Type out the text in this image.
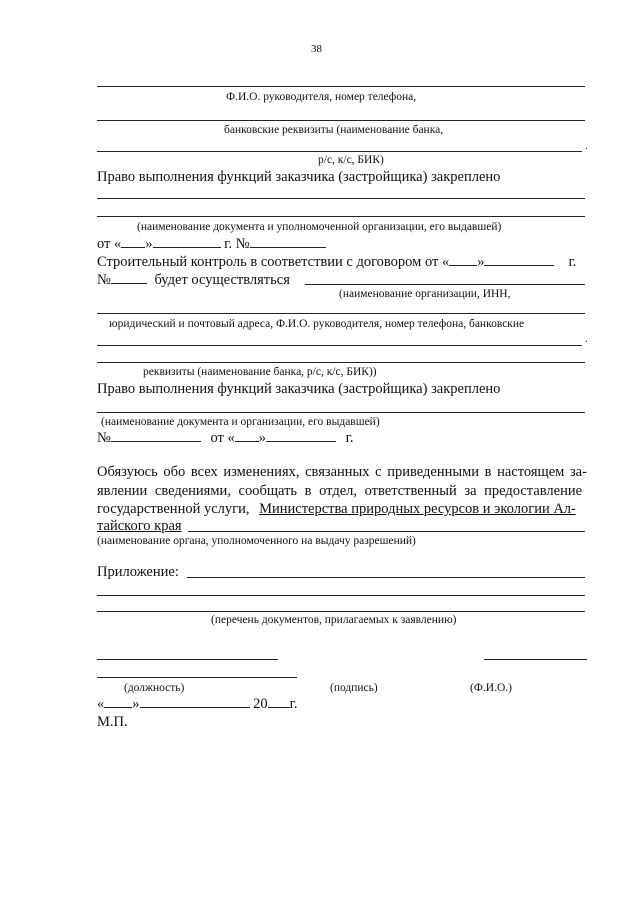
38
Ф.И.О. руководителя, номер телефона,
банковские реквизиты (наименование банка,
.
р/с, к/с, БИК)
Право выполнения функций заказчика (застройщика) закреплено
(наименование документа и уполномоченной организации, его выдавшей)
от « »	г. №
Строительный контроль в соответствии с договором от « »	г.
№	будет осуществляться
(наименование организации, ИНН,
юридический и почтовый адреса, Ф.И.О. руководителя, номер телефона, банковские
.
реквизиты (наименование банка, р/с, к/с, БИК))
Право выполнения функций заказчика (застройщика) закреплено
(наименование документа и организации, его выдавшей)
№	от « »	г.
Обязуюсь обо всех изменениях, связанных с приведенными в настоящем за-
явлении сведениями, сообщать в отдел, ответственный за предоставление
государственной услуги, Министерства природных ресурсов и экологии Ал-
тайского края
(наименование органа, уполномоченного на выдачу разрешений)
Приложение:
(перечень документов, прилагаемых к заявлению)
(должность)	(подпись)	(Ф.И.О.)
« »	20 г.
М.П.
